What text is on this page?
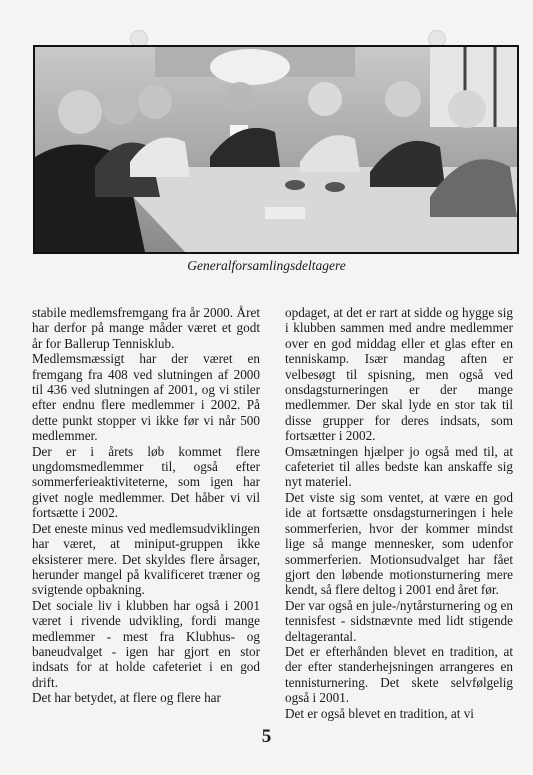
Generalforsamlingsdeltagere

stabile medlemsfremgang fra år 2000. Året har derfor på mange måder været et godt år for Ballerup Tennisklub.

Medlemsmæssigt har der været en fremgang fra 408 ved slutningen af 2000 til 436 ved slutningen af 2001, og vi stiler efter endnu flere medlemmer i 2002. På dette punkt stopper vi ikke før vi når 500 medlemmer.

Der er i årets løb kommet flere ungdomsmedlemmer til, også efter sommerferieaktiviteterne, som igen har givet nogle medlemmer. Det håber vi vil fortsætte i 2002.

Det eneste minus ved medlemsudviklingen har været, at miniput-gruppen ikke eksisterer mere. Det skyldes flere årsager, herunder mangel på kvalificeret træner og svigtende opbakning.

Det sociale liv i klubben har også i 2001 været i rivende udvikling, fordi mange medlemmer - mest fra Klubhus- og baneudvalget - igen har gjort en stor indsats for at holde cafeteriet i en god drift.

Det har betydet, at flere og flere har

opdaget, at det er rart at sidde og hygge sig i klubben sammen med andre medlemmer over en god middag eller et glas efter en tenniskamp. Især mandag aften er velbesøgt til spisning, men også ved onsdagsturneringen er der mange medlemmer. Der skal lyde en stor tak til disse grupper for deres indsats, som fortsætter i 2002.

Omsætningen hjælper jo også med til, at cafeteriet til alles bedste kan anskaffe sig nyt materiel.

Det viste sig som ventet, at være en god ide at fortsætte onsdagsturneringen i hele sommerferien, hvor der kommer mindst lige så mange mennesker, som udenfor sommerferien. Motionsudvalget har fået gjort den løbende motionsturnering mere kendt, så flere deltog i 2001 end året før.

Der var også en jule-/nytårsturnering og en tennisfest - sidstnævnte med lidt stigende deltagerantal.

Det er efterhånden blevet en tradition, at der efter standerhejsningen arrangeres en tennisturnering. Det skete selvfølgelig også i 2001.

Det er også blevet en tradition, at vi

5
